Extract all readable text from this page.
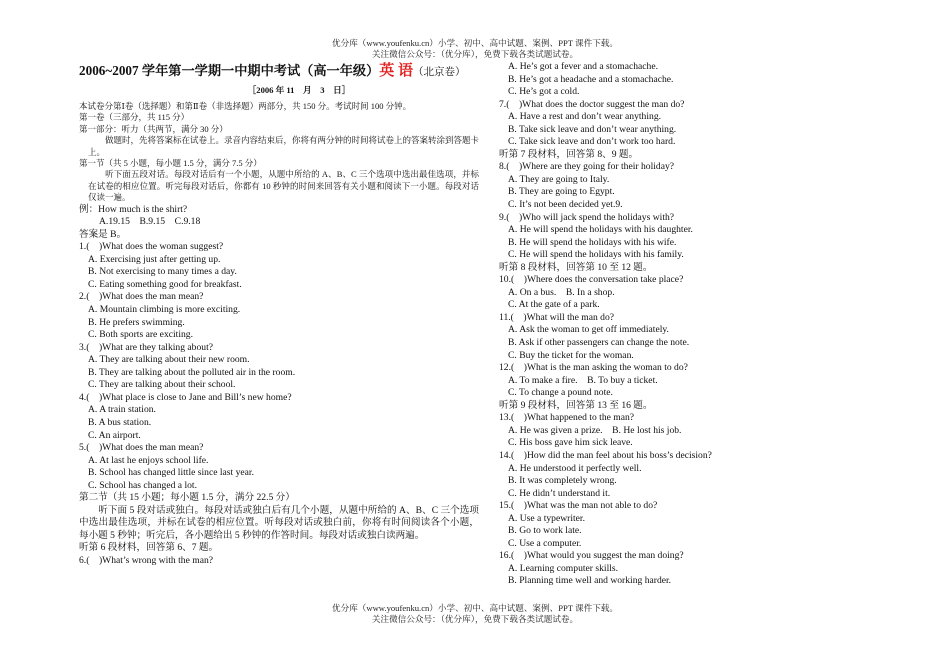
优分库（www.youfenku.cn）小学、初中、高中试题、案例、PPT 课件下载。
关注微信公众号：（优分库），免费下载各类试题试卷。
2006~2007 学年第一学期一中期中考试（高一年级）英 语（北京卷）
［2006 年 11　月　3　日］
本试卷分第Ⅰ卷（选择题）和第Ⅱ卷（非选择题）两部分，共 150 分。考试时间 100 分钟。
第一卷（三部分，共 115 分）
第一部分：听力（共两节，满分 30 分）
　　做题时，先将答案标在试卷上。录音内容结束后，你将有两分钟的时间将试卷上的答案转涂到答题卡上。
第一节（共 5 小题，每小题 1.5 分，满分 7.5 分）
　　听下面五段对话。每段对话后有一个小题，从题中所给的 A、B、C 三个选项中选出最佳选项，并标在试卷的相应位置。听完每段对话后，你都有 10 秒钟的时间来回答有关小题和阅读下一小题。每段对话仅读一遍。
例：How much is the shirt?
A.19.15　B.9.15　C.9.18
答案是 B。
1.(　)What does the woman suggest?
A. Exercising just after getting up.
B. Not exercising to many times a day.
C. Eating something good for breakfast.
2.(　)What does the man mean?
A. Mountain climbing is more exciting.
B. He prefers swimming.
C. Both sports are exciting.
3.(　)What are they talking about?
A. They are talking about their new room.
B. They are talking about the polluted air in the room.
C. They are talking about their school.
4.(　)What place is close to Jane and Bill’s new home?
A. A train station.
B. A bus station.
C. An airport.
5.(　)What does the man mean?
A. At last he enjoys school life.
B. School has changed little since last year.
C. School has changed a lot.
第二节（共 15 小题；每小题 1.5 分，满分 22.5 分）
　　听下面 5 段对话或独白。每段对话或独白后有几个小题，从题中所给的 A、B、C 三个选项中选出最佳选项，并标在试卷的相应位置。听每段对话或独白前，你将有时间阅读各个小题，每小题 5 秒钟；听完后，各小题给出 5 秒钟的作答时间。每段对话或独白读两遍。
听第 6 段材料，回答第 6、7 题。
6.(　)What’s wrong with the man?
A. He’s got a fever and a stomachache.
B. He’s got a headache and a stomachache.
C. He’s got a cold.
7.(　)What does the doctor suggest the man do?
A. Have a rest and don’t wear anything.
B. Take sick leave and don’t wear anything.
C. Take sick leave and don’t work too hard.
听第 7 段材料，回答第 8、9 题。
8.(　)Where are they going for their holiday?
A. They are going to Italy.
B. They are going to Egypt.
C. It’s not been decided yet.9.
9.(　)Who will jack spend the holidays with?
A. He will spend the holidays with his daughter.
B. He will spend the holidays with his wife.
C. He will spend the holidays with his family.
听第 8 段材料，回答第 10 至 12 题。
10.(　)Where does the conversation take place?
A. On a bus.　B. In a shop.
C. At the gate of a park.
11.(　)What will the man do?
A. Ask the woman to get off immediately.
B. Ask if other passengers can change the note.
C. Buy the ticket for the woman.
12.(　)What is the man asking the woman to do?
A. To make a fire.　B. To buy a ticket.
C. To change a pound note.
听第 9 段材料，回答第 13 至 16 题。
13.(　)What happened to the man?
A. He was given a prize.　B. He lost his job.
C. His boss gave him sick leave.
14.(　)How did the man feel about his boss’s decision?
A. He understood it perfectly well.
B. It was completely wrong.
C. He didn’t understand it.
15.(　)What was the man not able to do?
A. Use a typewriter.
B. Go to work late.
C. Use a computer.
16.(　)What would you suggest the man doing?
A. Learning computer skills.
B. Planning time well and working harder.
优分库（www.youfenku.cn）小学、初中、高中试题、案例、PPT 课件下载。
关注微信公众号：（优分库），免费下载各类试题试卷。
